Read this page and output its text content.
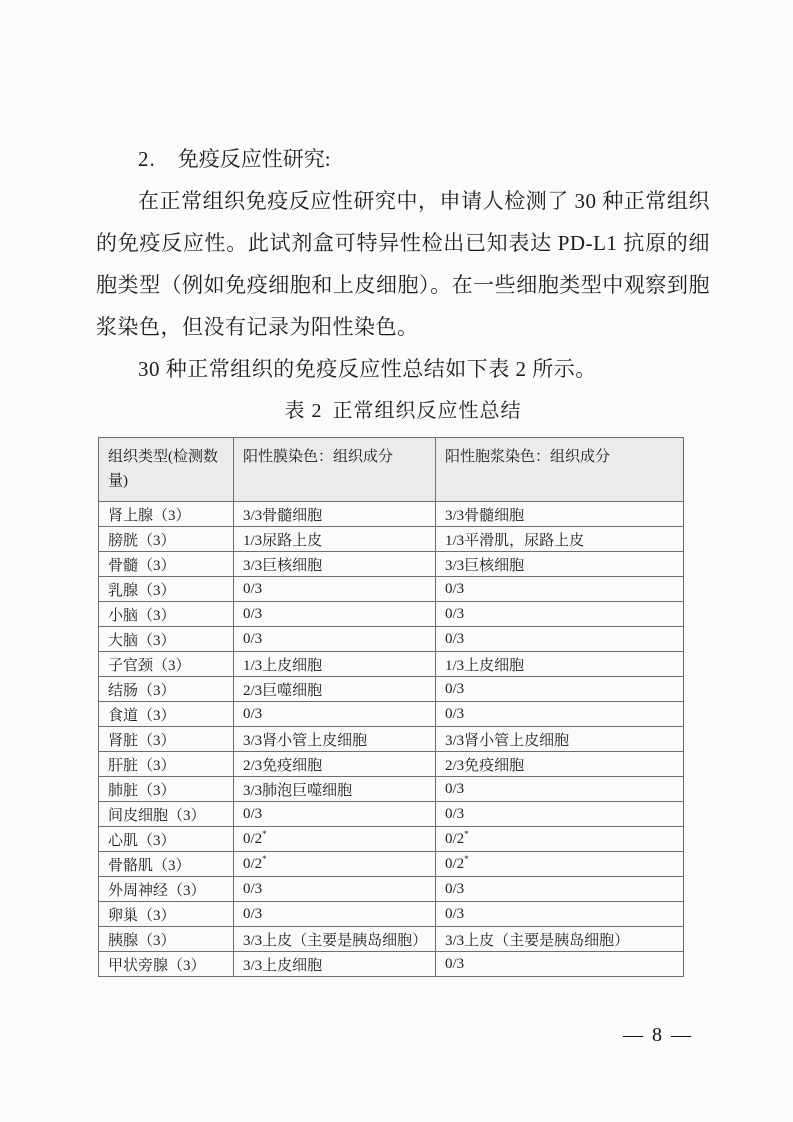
2. 免疫反应性研究:

在正常组织免疫反应性研究中，申请人检测了 30 种正常组织的免疫反应性。此试剂盒可特异性检出已知表达 PD-L1 抗原的细胞类型（例如免疫细胞和上皮细胞）。在一些细胞类型中观察到胞浆染色，但没有记录为阳性染色。

30 种正常组织的免疫反应性总结如下表 2 所示。

表 2 正常组织反应性总结
组织类型(检测数量)	阳性膜染色：组织成分	阳性胞浆染色：组织成分
肾上腺（3）	3/3骨髓细胞	3/3骨髓细胞
膀胱（3）	1/3尿路上皮	1/3平滑肌，尿路上皮
骨髓（3）	3/3巨核细胞	3/3巨核细胞
乳腺（3）	0/3	0/3
小脑（3）	0/3	0/3
大脑（3）	0/3	0/3
子官颈（3）	1/3上皮细胞	1/3上皮细胞
结肠（3）	2/3巨噬细胞	0/3
食道（3）	0/3	0/3
肾脏（3）	3/3肾小管上皮细胞	3/3肾小管上皮细胞
肝脏（3）	2/3免疫细胞	2/3免疫细胞
肺脏（3）	3/3肺泡巨噬细胞	0/3
间皮细胞（3）	0/3	0/3
心肌（3）	0/2*	0/2*
骨骼肌（3）	0/2*	0/2*
外周神经（3）	0/3	0/3
卵巢（3）	0/3	0/3
胰腺（3）	3/3上皮（主要是胰岛细胞）	3/3上皮（主要是胰岛细胞）
甲状旁腺（3）	3/3上皮细胞	0/3
— 8 —
